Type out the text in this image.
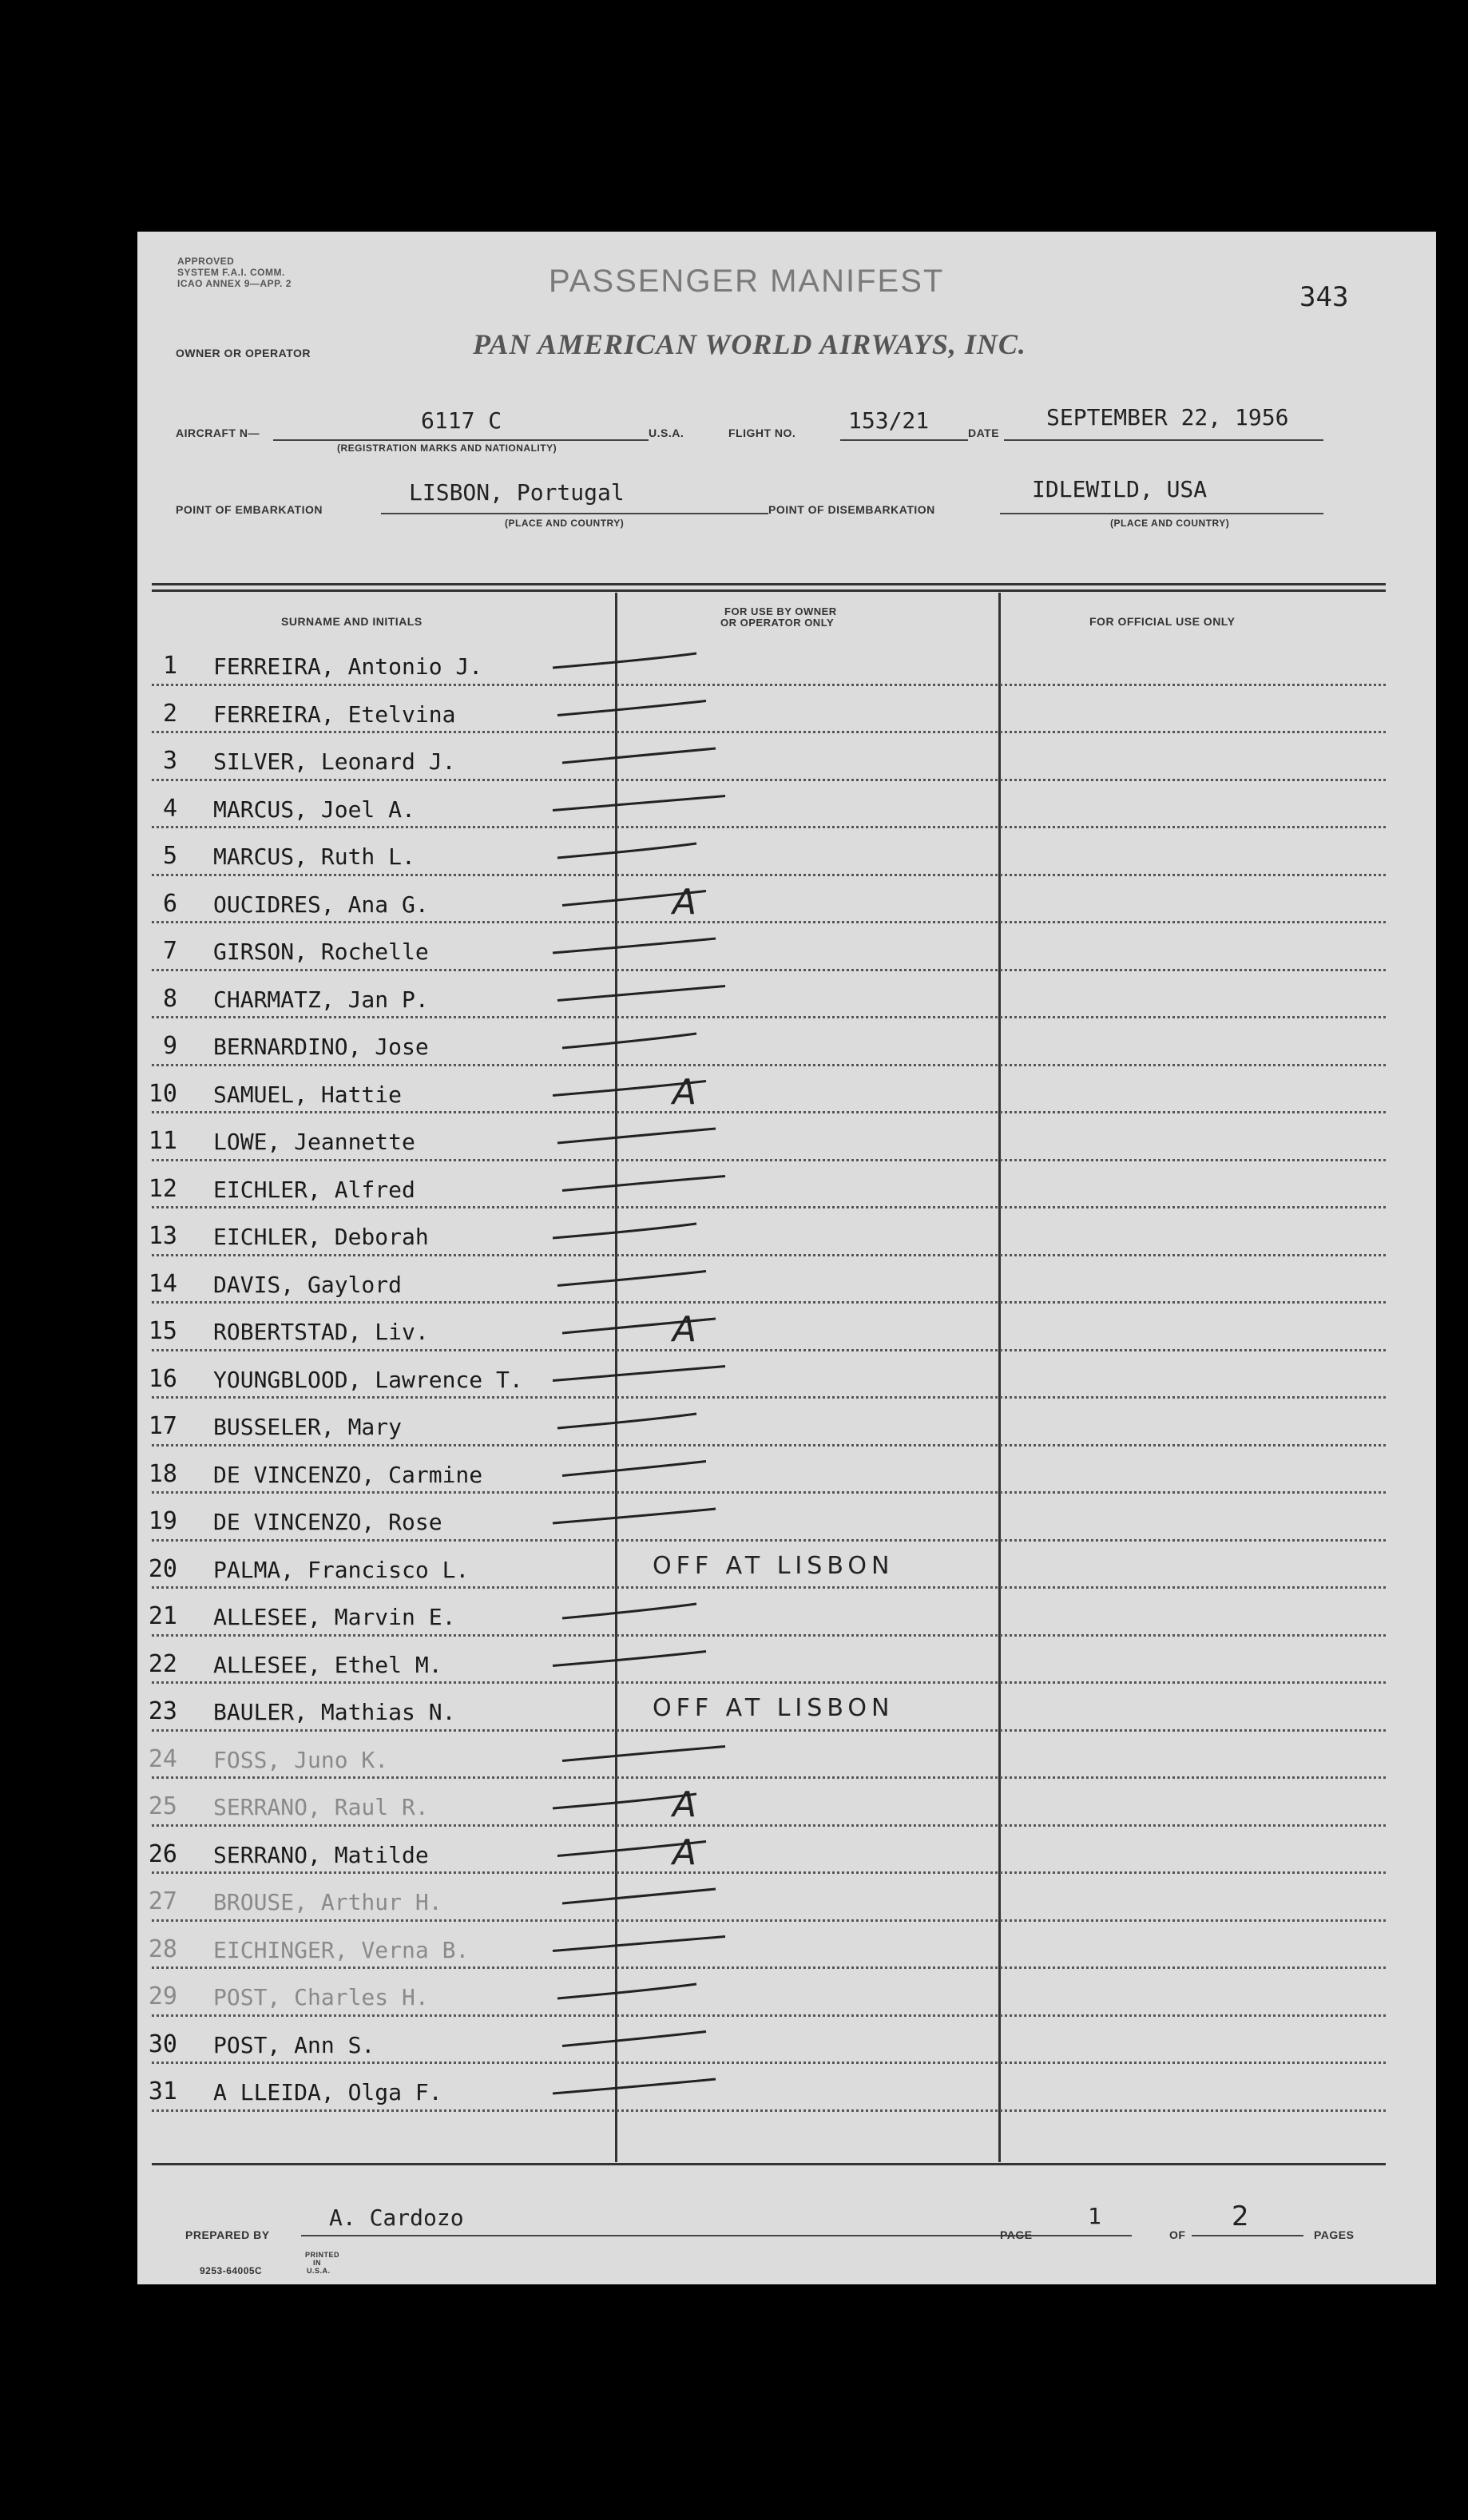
APPROVED
SYSTEM F.A.I. COMM.
ICAO ANNEX 9—APP. 2	PASSENGER MANIFEST	343
OWNER OR OPERATOR	PAN AMERICAN WORLD AIRWAYS, INC.
AIRCRAFT N—	6117 C
(REGISTRATION MARKS AND NATIONALITY)
U.S.A.	FLIGHT NO. 153/21	DATE
SEPTEMBER 22, 1956
POINT OF EMBARKATION
LISBON, Portugal
(PLACE AND COUNTRY)
POINT OF DISEMBARKATION
IDLEWILD, USA
(PLACE AND COUNTRY)
SURNAME AND INITIALS
FOR USE BY OWNER
OR OPERATOR ONLY	FOR OFFICIAL USE ONLY
1 FERREIRA, Antonio J.
2 FERREIRA, Etelvina
3 SILVER, Leonard J.
4 MARCUS, Joel A.
5 MARCUS, Ruth L.
6 OUCIDRES, Ana G.	A
7 GIRSON, Rochelle
8 CHARMATZ, Jan P.
9 BERNARDINO, Jose
10 SAMUEL, Hattie	A
11 LOWE, Jeannette
12 EICHLER, Alfred
13 EICHLER, Deborah
14 DAVIS, Gaylord
15 ROBERTSTAD, Liv.	A
16 YOUNGBLOOD, Lawrence T.
17 BUSSELER, Mary
18 DE VINCENZO, Carmine
19 DE VINCENZO, Rose
20 PALMA, Francisco L.	OFF AT LISBON
21 ALLESEE, Marvin E.
22 ALLESEE, Ethel M.
23 BAULER, Mathias N.	OFF AT LISBON
24 FOSS, Juno K.
25 SERRANO, Raul R.	A
26 SERRANO, Matilde	A
27 BROUSE, Arthur H.
28 EICHINGER, Verna B.
29 POST, Charles H.
30 POST, Ann S.
31 A LLEIDA, Olga F.
PREPARED BY
A. Cardozo
PAGE
1
OF
2
PAGES
9253-64005C
PRINTED
IN
U.S.A.
